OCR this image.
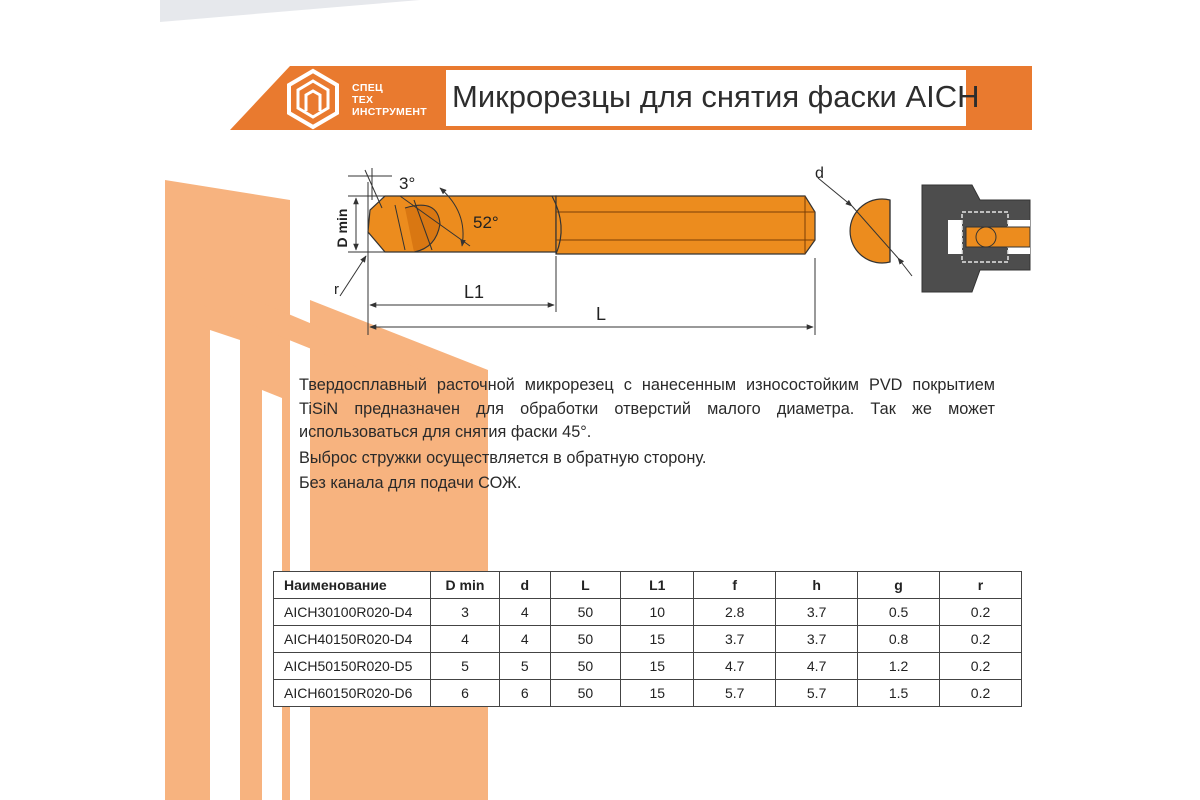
СПЕЦ
ТЕХ
ИНСТРУМЕНТ Микрорезцы для снятия фаски AICH
3°
52°
D min
r	L1
L
d

Твердосплавный расточной микрорезец с нанесенным износостойким PVD покрытием TiSiN предназначен для обработки отверстий малого диаметра. Так же может использоваться для снятия фаски 45°.

Выброс стружки осуществляется в обратную сторону.

Без канала для подачи СОЖ.

Наименование	D min	d	L	L1	f	h	g	r
AICH30100R020-D4	3	4	50	10	2.8	3.7	0.5	0.2
AICH40150R020-D4	4	4	50	15	3.7	3.7	0.8	0.2
AICH50150R020-D5	5	5	50	15	4.7	4.7	1.2	0.2
AICH60150R020-D6	6	6	50	15	5.7	5.7	1.5	0.2
